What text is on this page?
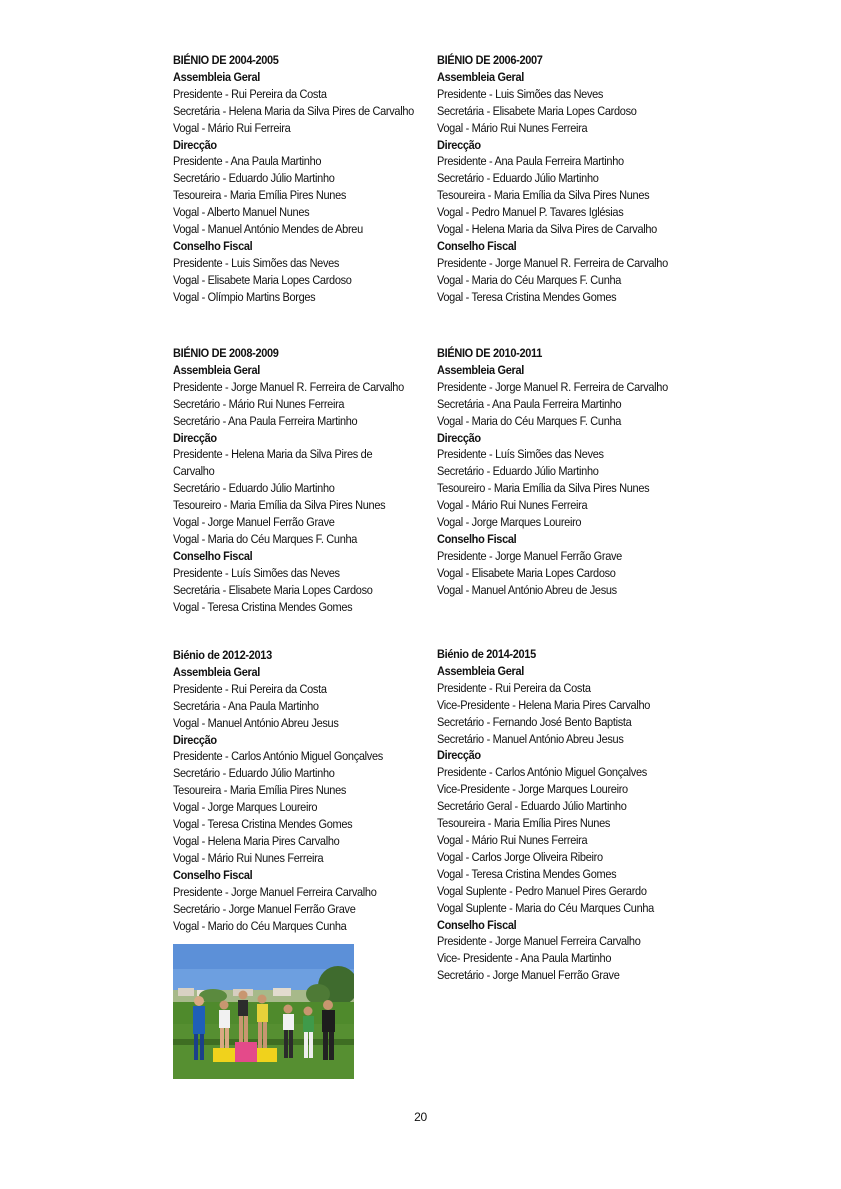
BIÉNIO DE 2004-2005
Assembleia Geral
Presidente - Rui Pereira da Costa
Secretária - Helena Maria da Silva Pires de Carvalho
Vogal - Mário Rui Ferreira
Direcção
Presidente - Ana Paula Martinho
Secretário - Eduardo Júlio Martinho
Tesoureira - Maria Emília Pires Nunes
Vogal - Alberto Manuel Nunes
Vogal - Manuel António Mendes de Abreu
Conselho Fiscal
Presidente - Luis Simões das Neves
Vogal - Elisabete Maria Lopes Cardoso
Vogal - Olímpio Martins Borges
BIÉNIO DE 2006-2007
Assembleia Geral
Presidente - Luis Simões das Neves
Secretária - Elisabete Maria Lopes Cardoso
Vogal - Mário Rui Nunes Ferreira
Direcção
Presidente - Ana Paula Ferreira Martinho
Secretário - Eduardo Júlio Martinho
Tesoureira - Maria Emília da Silva Pires Nunes
Vogal - Pedro Manuel P. Tavares Iglésias
Vogal - Helena Maria da Silva Pires de Carvalho
Conselho Fiscal
Presidente - Jorge Manuel R. Ferreira de Carvalho
Vogal - Maria do Céu Marques F. Cunha
Vogal - Teresa Cristina Mendes Gomes
BIÉNIO DE 2008-2009
Assembleia Geral
Presidente - Jorge Manuel R. Ferreira de Carvalho
Secretário - Mário Rui Nunes Ferreira
Secretário - Ana Paula Ferreira Martinho
Direcção
Presidente - Helena Maria da Silva Pires de Carvalho
Secretário - Eduardo Júlio Martinho
Tesoureiro - Maria Emília da Silva Pires Nunes
Vogal - Jorge Manuel Ferrão Grave
Vogal - Maria do Céu Marques F. Cunha
Conselho Fiscal
Presidente - Luís Simões das Neves
Secretária - Elisabete Maria Lopes Cardoso
Vogal - Teresa Cristina Mendes Gomes
BIÉNIO DE 2010-2011
Assembleia Geral
Presidente - Jorge Manuel R. Ferreira de Carvalho
Secretária - Ana Paula Ferreira Martinho
Vogal - Maria do Céu Marques F. Cunha
Direcção
Presidente - Luís Simões das Neves
Secretário - Eduardo Júlio Martinho
Tesoureiro - Maria Emília da Silva Pires Nunes
Vogal - Mário Rui Nunes Ferreira
Vogal - Jorge Marques Loureiro
Conselho Fiscal
Presidente - Jorge Manuel Ferrão Grave
Vogal - Elisabete Maria Lopes Cardoso
Vogal - Manuel António Abreu de Jesus
Biénio de 2012-2013
Assembleia Geral
Presidente - Rui Pereira da Costa
Secretária - Ana Paula Martinho
Vogal - Manuel António Abreu Jesus
Direcção
Presidente - Carlos António Miguel Gonçalves
Secretário - Eduardo Júlio Martinho
Tesoureira - Maria Emília Pires Nunes
Vogal - Jorge Marques Loureiro
Vogal - Teresa Cristina Mendes Gomes
Vogal - Helena Maria Pires Carvalho
Vogal - Mário Rui Nunes Ferreira
Conselho Fiscal
Presidente - Jorge Manuel Ferreira Carvalho
Secretário - Jorge Manuel Ferrão Grave
Vogal - Mario do Céu Marques Cunha
Biénio de 2014-2015
Assembleia Geral
Presidente - Rui Pereira da Costa
Vice-Presidente - Helena Maria Pires Carvalho
Secretário - Fernando José Bento Baptista
Secretário - Manuel António Abreu Jesus
Direcção
Presidente - Carlos António Miguel Gonçalves
Vice-Presidente - Jorge Marques Loureiro
Secretário Geral - Eduardo Júlio Martinho
Tesoureira - Maria Emília Pires Nunes
Vogal - Mário Rui Nunes Ferreira
Vogal - Carlos Jorge Oliveira Ribeiro
Vogal - Teresa Cristina Mendes Gomes
Vogal Suplente - Pedro Manuel Pires Gerardo
Vogal Suplente - Maria do Céu Marques Cunha
Conselho Fiscal
Presidente - Jorge Manuel Ferreira Carvalho
Vice- Presidente - Ana Paula Martinho
Secretário - Jorge Manuel Ferrão Grave
20
